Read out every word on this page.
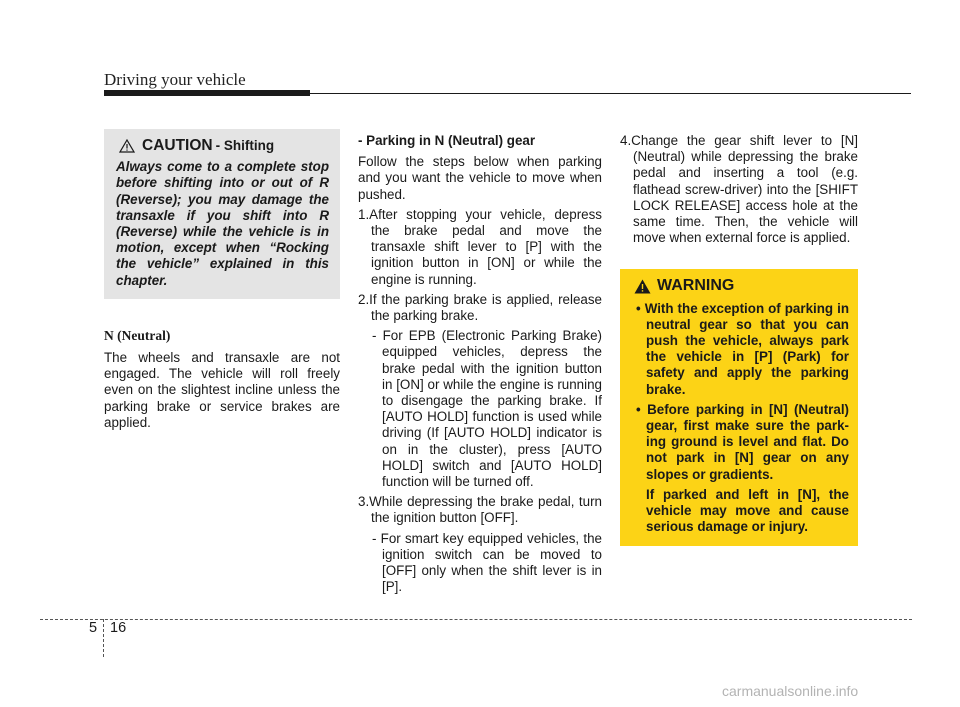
Driving your vehicle
CAUTION - Shifting
Always come to a complete stop before shifting into or out of R (Reverse); you may damage the transaxle if you shift into R (Reverse) while the vehicle is in motion, except when “Rocking the vehicle” explained in this chapter.
N (Neutral)

The wheels and transaxle are not engaged. The vehicle will roll freely even on the slightest incline unless the parking brake or service brakes are applied.

- Parking in N (Neutral) gear

Follow the steps below when parking and you want the vehicle to move when pushed.

1.After stopping your vehicle, depress the brake pedal and move the transaxle shift lever to [P] with the ignition button in [ON] or while the engine is running.
2.If the parking brake is applied, release the parking brake.
- For EPB (Electronic Parking Brake) equipped vehicles, depress the brake pedal with the ignition button in [ON] or while the engine is running to disengage the parking brake. If [AUTO HOLD] function is used while driving (If [AUTO HOLD] indicator is on in the cluster), press [AUTO HOLD] switch and [AUTO HOLD] function will be turned off.
3.While depressing the brake pedal, turn the ignition button [OFF].
- For smart key equipped vehicles, the ignition switch can be moved to [OFF] only when the shift lever is in [P].
4.Change the gear shift lever to [N] (Neutral) while depressing the brake pedal and inserting a tool (e.g. flathead screw-driver) into the [SHIFT LOCK RELEASE] access hole at the same time. Then, the vehicle will move when external force is applied.
WARNING
• With the exception of parking in neutral gear so that you can push the vehicle, always park the vehicle in [P] (Park) for safety and apply the parking brake.
• Before parking in [N] (Neutral) gear, first make sure the park-ing ground is level and flat. Do not park in [N] gear on any slopes or gradients.
If parked and left in [N], the vehicle may move and cause serious damage or injury.
5 16
carmanualsonline.info
